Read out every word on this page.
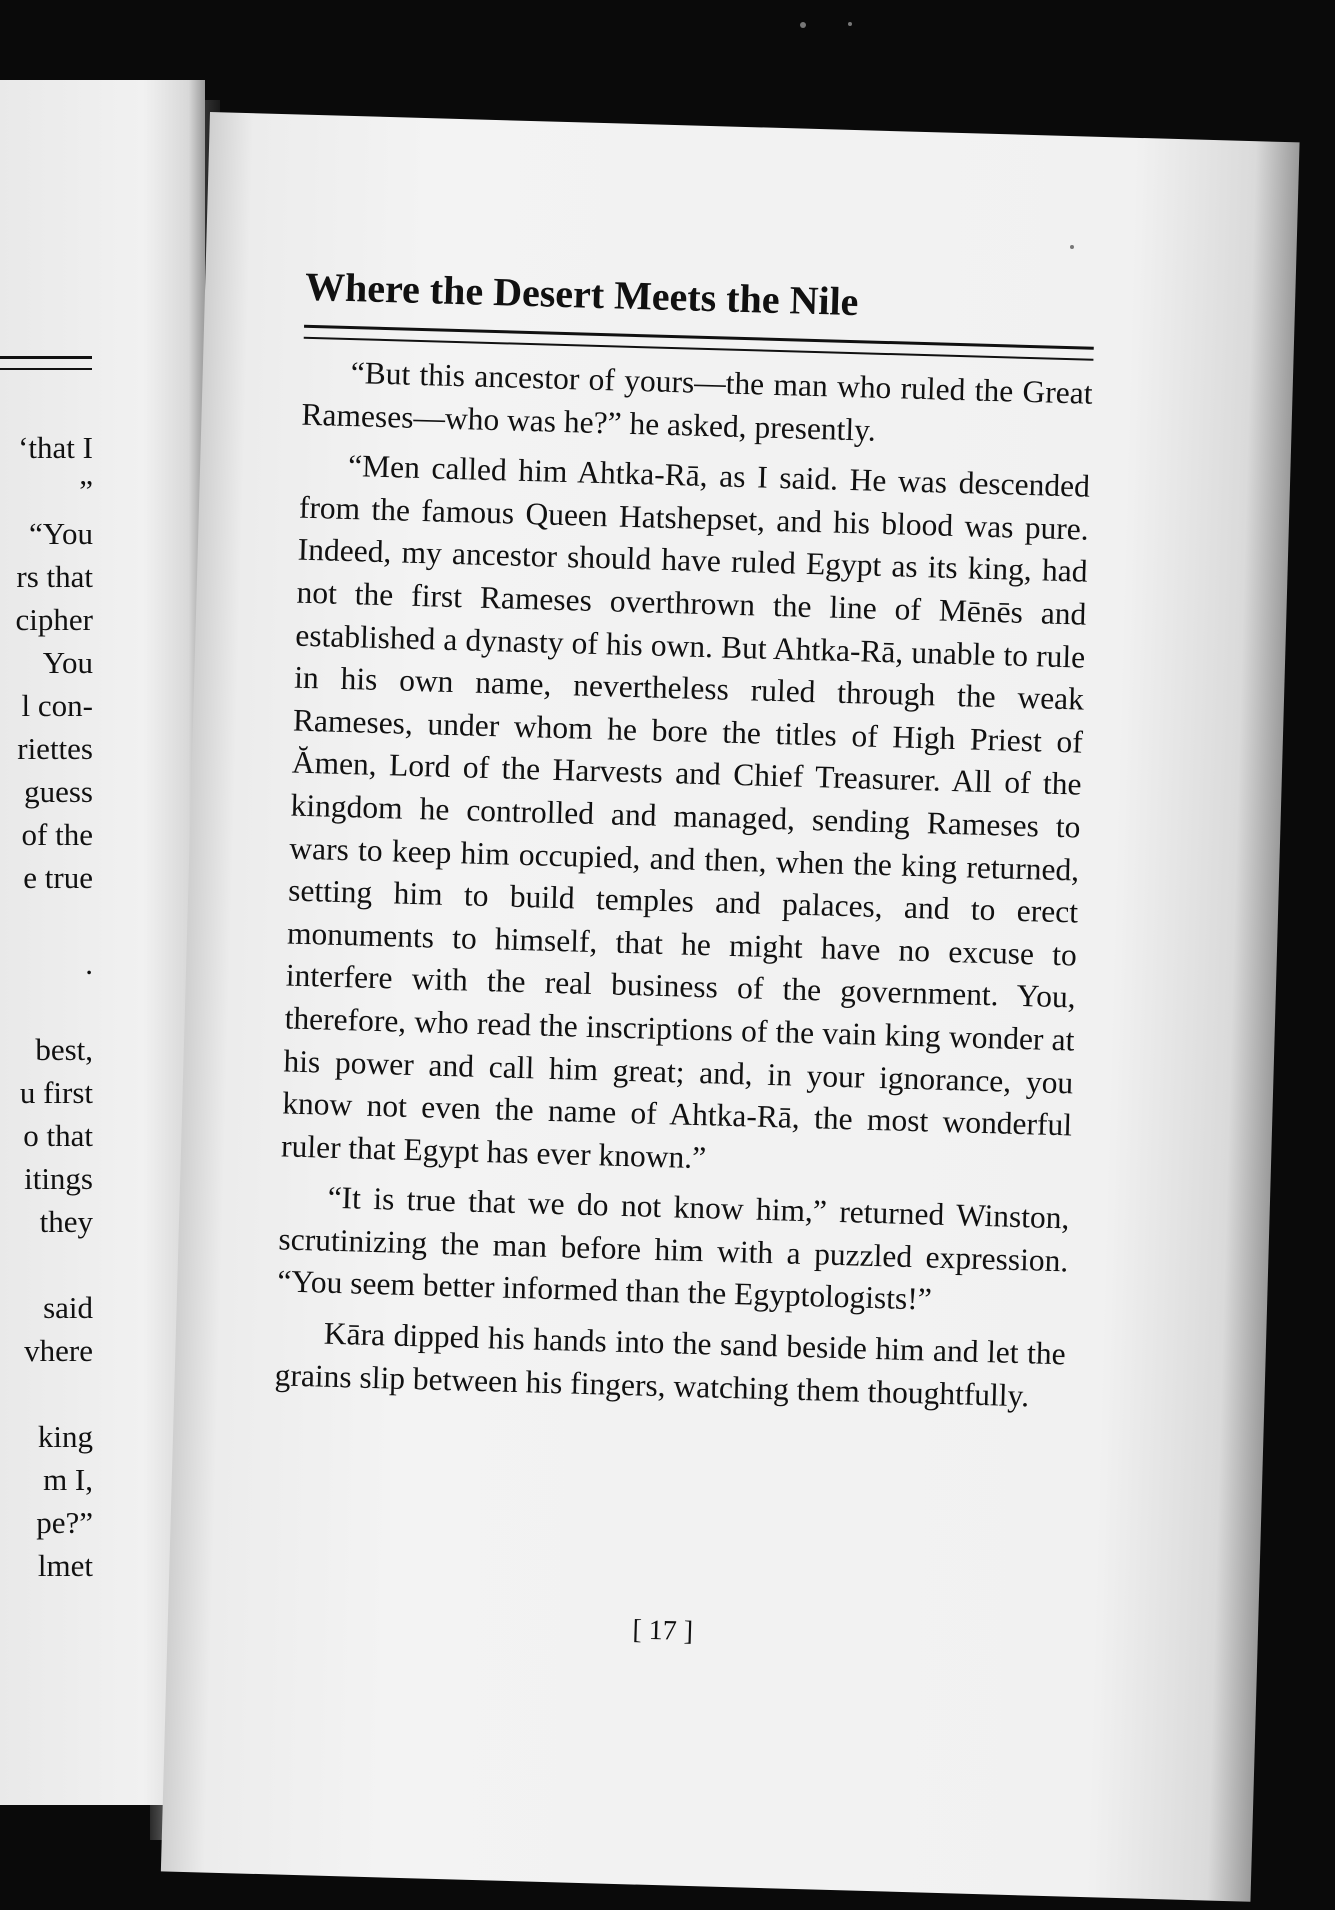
‘that I
”
“You
rs that
cipher
You
l con-
riettes
guess
of the
e true
.
best,
u first
o that
itings
they
said
vhere
king
m I,
pe?”
lmet
Where the Desert Meets the Nile

“But this ancestor of yours—the man who ruled the Great Rameses—who was he?” he asked, presently.

“Men called him Ahtka-Rā, as I said. He was descended from the famous Queen Hatshepset, and his blood was pure. Indeed, my ancestor should have ruled Egypt as its king, had not the first Rameses overthrown the line of Mēnēs and established a dynasty of his own. But Ahtka-Rā, unable to rule in his own name, nevertheless ruled through the weak Rameses, under whom he bore the titles of High Priest of Ămen, Lord of the Harvests and Chief Treasurer. All of the kingdom he controlled and managed, sending Rameses to wars to keep him occupied, and then, when the king returned, setting him to build temples and palaces, and to erect monuments to himself, that he might have no excuse to interfere with the real business of the government. You, therefore, who read the inscriptions of the vain king wonder at his power and call him great; and, in your ignorance, you know not even the name of Ahtka-Rā, the most wonderful ruler that Egypt has ever known.”

“It is true that we do not know him,” returned Winston, scrutinizing the man before him with a puzzled expression. “You seem better informed than the Egyptologists!”

Kāra dipped his hands into the sand beside him and let the grains slip between his fingers, watching them thoughtfully.

[ 17 ]
